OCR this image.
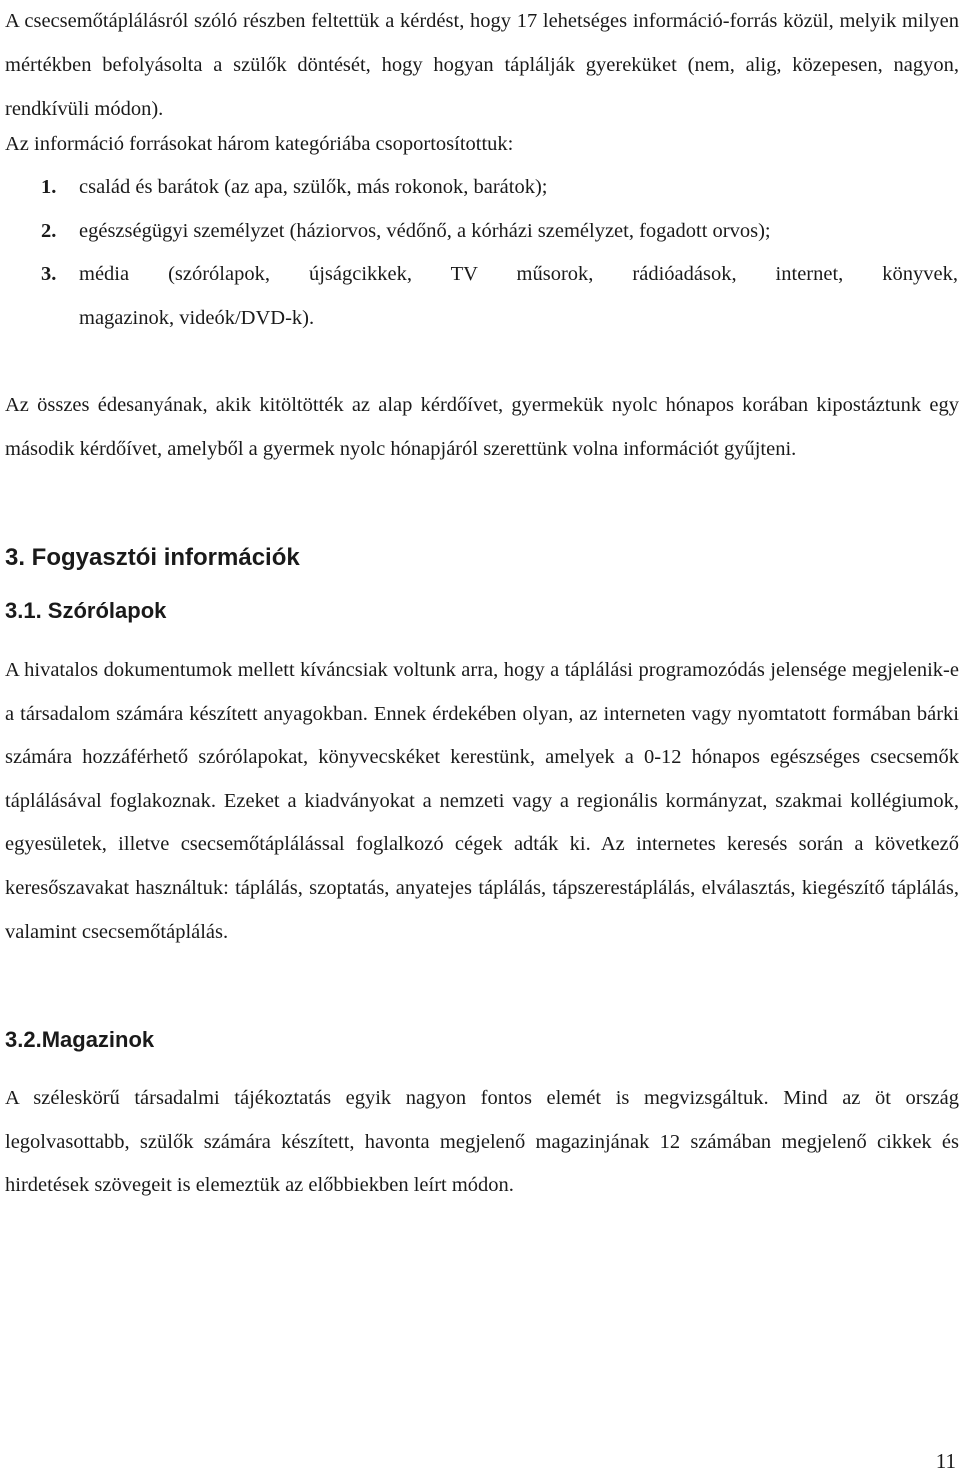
A csecsemőtáplálásról szóló részben feltettük a kérdést, hogy 17 lehetséges információ-forrás közül, melyik milyen mértékben befolyásolta a szülők döntését, hogy hogyan táplálják gyereküket (nem, alig, közepesen, nagyon, rendkívüli módon).

Az információ forrásokat három kategóriába csoportosítottuk:

1. család és barátok (az apa, szülők, más rokonok, barátok);
2. egészségügyi személyzet (háziorvos, védőnő, a kórházi személyzet, fogadott orvos);
3. média (szórólapok, újságcikkek, TV műsorok, rádióadások, internet, könyvek,
magazinok, videók/DVD-k).

Az összes édesanyának, akik kitöltötték az alap kérdőívet, gyermekük nyolc hónapos korában kipostáztunk egy második kérdőívet, amelyből a gyermek nyolc hónapjáról szerettünk volna információt gyűjteni.

3. Fogyasztói információk
3.1. Szórólapok

A hivatalos dokumentumok mellett kíváncsiak voltunk arra, hogy a táplálási programozódás jelensége megjelenik-e a társadalom számára készített anyagokban. Ennek érdekében olyan, az interneten vagy nyomtatott formában bárki számára hozzáférhető szórólapokat, könyvecskéket kerestünk, amelyek a 0-12 hónapos egészséges csecsemők táplálásával foglakoznak. Ezeket a kiadványokat a nemzeti vagy a regionális kormányzat, szakmai kollégiumok, egyesületek, illetve csecsemőtáplálással foglalkozó cégek adták ki. Az internetes keresés során a következő keresőszavakat használtuk: táplálás, szoptatás, anyatejes táplálás, tápszerestáplálás, elválasztás, kiegészítő táplálás, valamint csecsemőtáplálás.

3.2.Magazinok

A széleskörű társadalmi tájékoztatás egyik nagyon fontos elemét is megvizsgáltuk. Mind az öt ország legolvasottabb, szülők számára készített, havonta megjelenő magazinjának 12 számában megjelenő cikkek és hirdetések szövegeit is elemeztük az előbbiekben leírt módon.

11
